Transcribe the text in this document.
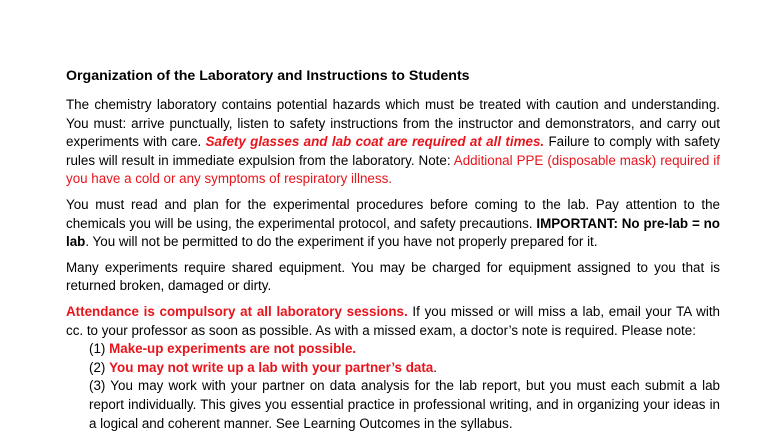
Organization of the Laboratory and Instructions to Students

The chemistry laboratory contains potential hazards which must be treated with caution and understanding. You must: arrive punctually, listen to safety instructions from the instructor and demonstrators, and carry out experiments with care. Safety glasses and lab coat are required at all times. Failure to comply with safety rules will result in immediate expulsion from the laboratory. Note: Additional PPE (disposable mask) required if you have a cold or any symptoms of respiratory illness.

You must read and plan for the experimental procedures before coming to the lab. Pay attention to the chemicals you will be using, the experimental protocol, and safety precautions. IMPORTANT: No pre-lab = no lab. You will not be permitted to do the experiment if you have not properly prepared for it.

Many experiments require shared equipment. You may be charged for equipment assigned to you that is returned broken, damaged or dirty.

Attendance is compulsory at all laboratory sessions. If you missed or will miss a lab, email your TA with cc. to your professor as soon as possible. As with a missed exam, a doctor’s note is required. Please note:

(1) Make-up experiments are not possible.
(2) You may not write up a lab with your partner’s data.
(3) You may work with your partner on data analysis for the lab report, but you must each submit a lab report individually. This gives you essential practice in professional writing, and in organizing your ideas in a logical and coherent manner. See Learning Outcomes in the syllabus.
